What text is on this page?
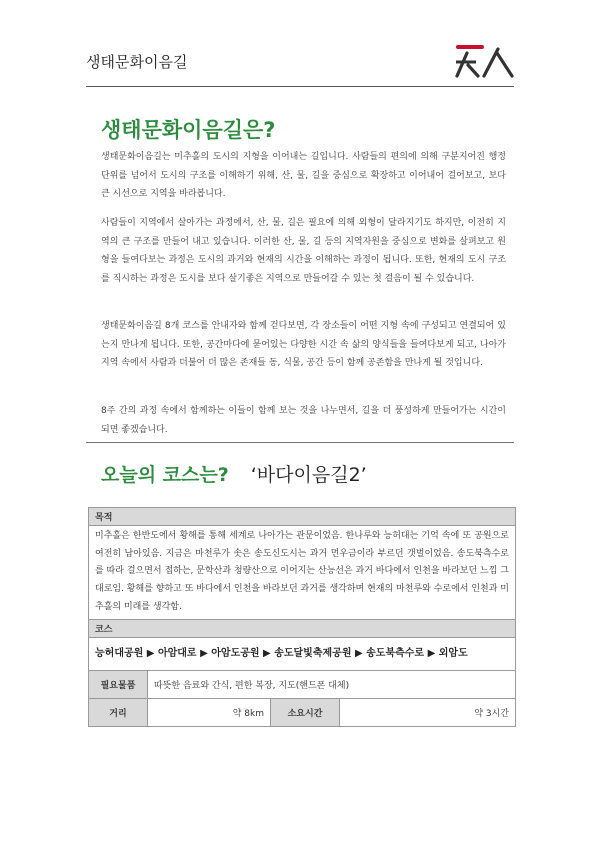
생태문화이음길
생태문화이음길은?

생태문화이음길는 미추홀의 도시의 지형을 이어내는 길입니다. 사람들의 편의에 의해 구분지어진 행정단위를 넘어서 도시의 구조를 이해하기 위해, 산, 물, 길을 중심으로 확장하고 이어내어 걸어보고, 보다 큰 시선으로 지역을 바라봅니다.

사람들이 지역에서 살아가는 과정에서, 산, 물, 길은 필요에 의해 외형이 달라지기도 하지만, 이전히 지역의 큰 구조를 만들어 내고 있습니다. 이러한 산, 물, 길 등의 지역자원을 중심으로 변화를 살펴보고 원형을 들여다보는 과정은 도시의 과거와 현재의 시간을 이해하는 과정이 됩니다. 또한, 현재의 도시 구조를 직시하는 과정은 도시를 보다 살기좋은 지역으로 만들어갈 수 있는 첫 걸음이 될 수 있습니다.

생태문화이음길 8개 코스를 안내자와 함께 걷다보면, 각 장소들이 어떤 지형 속에 구성되고 연결되어 있는지 만나게 됩니다. 또한, 공간마다에 묻어있는 다양한 시간 속 삶의 양식들을 들여다보게 되고, 나아가 지역 속에서 사람과 더불어 더 많은 존재들 동, 식물, 공간 등이 함께 공존함을 만나게 될 것입니다.

8주 간의 과정 속에서 함께하는 이들이 함께 보는 것을 나누면서, 길을 더 풍성하게 만들어가는 시간이 되면 좋겠습니다.

오늘의 코스는? ‘바다이음길2’
목적			
미추홀은 한반도에서 황해를 통해 세계로 나아가는 관문이었음. 한나루와 능허대는 기억 속에 또 공원으로 여전히 남아있음. 지금은 마천루가 솟은 송도신도시는 과거 먼우금이라 부르던 갯벌이었음. 송도북측수로를 따라 걸으면서 접하는, 문학산과 청량산으로 이어지는 산능선은 과거 바다에서 인천을 바라보던 느낌 그대로임. 황해를 향하고 또 바다에서 인천을 바라보던 과거를 생각하며 현재의 마천루와 수로에서 인천과 미추홀의 미래를 생각함.			
코스			
능허대공원 ▶ 아암대로 ▶ 아암도공원 ▶ 송도달빛축제공원 ▶ 송도북측수로 ▶ 외암도			
필요물품	따뜻한 음료와 간식, 편한 복장, 지도(핸드폰 대체)		
거리	약 8km	소요시간	약 3시간
